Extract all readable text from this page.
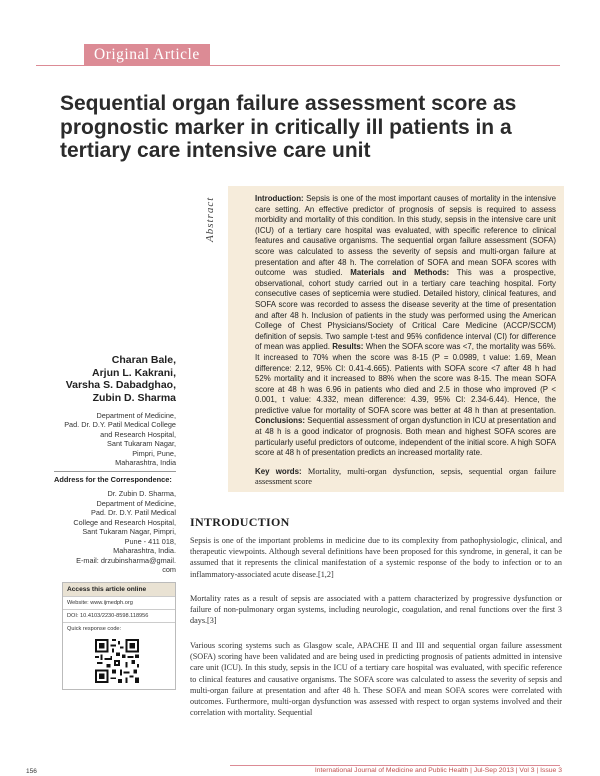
Original Article
Sequential organ failure assessment score as prognostic marker in critically ill patients in a tertiary care intensive care unit
Abstract	Introduction: Sepsis is one of the most important causes of mortality in the intensive care setting. An effective predictor of prognosis of sepsis is required to assess morbidity and mortality of this condition. In this study, sepsis in the intensive care unit (ICU) of a tertiary care hospital was evaluated, with specific reference to clinical features and causative organisms. The sequential organ failure assessment (SOFA) score was calculated to assess the severity of sepsis and multi-organ failure at presentation and after 48 h. The correlation of SOFA and mean SOFA scores with outcome was studied. Materials and Methods: This was a prospective, observational, cohort study carried out in a tertiary care teaching hospital. Forty consecutive cases of septicemia were studied. Detailed history, clinical features, and SOFA score was recorded to assess the disease severity at the time of presentation and after 48 h. Inclusion of patients in the study was performed using the American College of Chest Physicians/Society of Critical Care Medicine (ACCP/SCCM) definition of sepsis. Two sample t-test and 95% confidence interval (CI) for difference of mean was applied. Results: When the SOFA score was <7, the mortality was 56%. It increased to 70% when the score was 8-15 (P = 0.0989, t value: 1.69, Mean difference: 2.12, 95% CI: 0.41-4.665). Patients with SOFA score <7 after 48 h had 52% mortality and it increased to 88% when the score was 8-15. The mean SOFA score at 48 h was 6.96 in patients who died and 2.5 in those who improved (P < 0.001, t value: 4.332, mean difference: 4.39, 95% CI: 2.34-6.44). Hence, the predictive value for mortality of SOFA score was better at 48 h than at presentation. Conclusions: Sequential assessment of organ dysfunction in ICU at presentation and at 48 h is a good indicator of prognosis. Both mean and highest SOFA scores are particularly useful predictors of outcome, independent of the initial score. A high SOFA score at 48 h of presentation predicts an increased mortality rate.

Key words: Mortality, multi-organ dysfunction, sepsis, sequential organ failure assessment score

Charan Bale,
Arjun L. Kakrani,
Varsha S. Dabadghao,
Zubin D. Sharma
Department of Medicine,
Pad. Dr. D.Y. Patil Medical College
and Research Hospital,
Sant Tukaram Nagar,
Pimpri, Pune,
Maharashtra, India
Address for the Correspondence:
Dr. Zubin D. Sharma,
Department of Medicine,
Pad. Dr. D.Y. Patil Medical
College and Research Hospital,
Sant Tukaram Nagar, Pimpri,
Pune - 411 018,
Maharashtra, India.
E-mail: drzubinsharma@gmail.
com
Access this article online
Website: www.ijmedph.org
DOI: 10.4103/2230-8598.118956
Quick response code:
INTRODUCTION

Sepsis is one of the important problems in medicine due to its complexity from pathophysiologic, clinical, and therapeutic viewpoints. Although several definitions have been proposed for this syndrome, in general, it can be assumed that it represents the clinical manifestation of a systemic response of the body to infection or to an inflammatory-associated acute disease.[1,2]

Mortality rates as a result of sepsis are associated with a pattern characterized by progressive dysfunction or failure of non-pulmonary organ systems, including neurologic, coagulation, and renal functions over the first 3 days.[3]

Various scoring systems such as Glasgow scale, APACHE II and III and sequential organ failure assessment (SOFA) scoring have been validated and are being used in predicting prognosis of patients admitted in intensive care unit (ICU). In this study, sepsis in the ICU of a tertiary care hospital was evaluated, with specific reference to clinical features and causative organisms. The SOFA score was calculated to assess the severity of sepsis and multi-organ failure at presentation and after 48 h. These SOFA and mean SOFA scores were correlated with outcomes. Furthermore, multi-organ dysfunction was assessed with respect to organ systems involved and their correlation with mortality. Sequential

156	International Journal of Medicine and Public Health | Jul-Sep 2013 | Vol 3 | Issue 3
